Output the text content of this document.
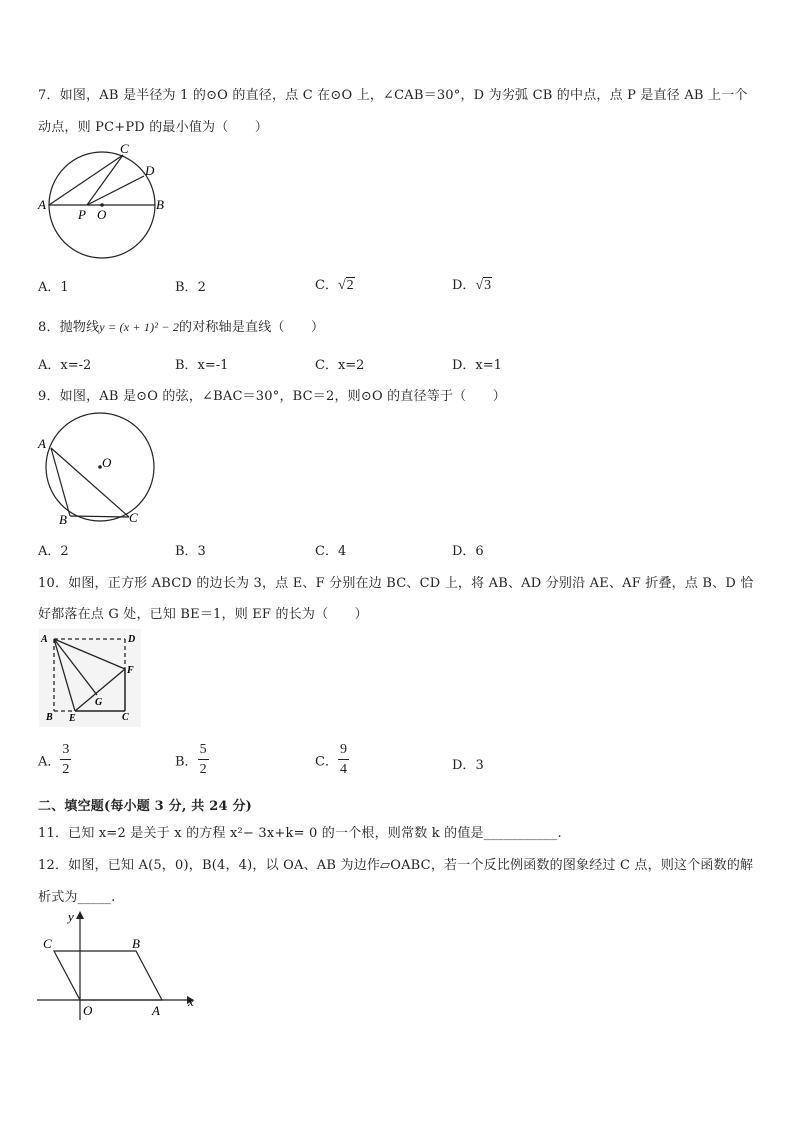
7．如图，AB 是半径为 1 的⊙O 的直径，点 C 在⊙O 上，∠CAB＝30°，D 为劣弧 CB 的中点，点 P 是直径 AB 上一个
动点，则 PC+PD 的最小值为（　　）
A	B
C
D
P O
A．1	B．2	C．√2	D．√3
8．抛物线y = (x + 1)² − 2的对称轴是直线（　　）
A．x=-2	B．x=-1	C．x=2	D．x=1
9．如图，AB 是⊙O 的弦，∠BAC＝30°，BC＝2，则⊙O 的直径等于（　　）
A
B	C
O
A．2	B．3	C．4	D．6
10．如图，正方形 ABCD 的边长为 3，点 E、F 分别在边 BC、CD 上，将 AB、AD 分别沿 AE、AF 折叠，点 B、D 恰
好都落在点 G 处，已知 BE＝1，则 EF 的长为（　　）
A	D
F
G
B E	C
A． $\frac{3}{2}$	B． $\frac{5}{2}$	C． $\frac{9}{4}$	D．3
二、填空题(每小题 3 分, 共 24 分)
11．已知 x=2 是关于 x 的方程 x²− 3x+k= 0 的一个根，则常数 k 的值是___________.
12．如图，已知 A(5，0)，B(4，4)，以 OA、AB 为边作▱OABC，若一个反比例函数的图象经过 C 点，则这个函数的解
析式为_____.
y
x
C	B
O	A
